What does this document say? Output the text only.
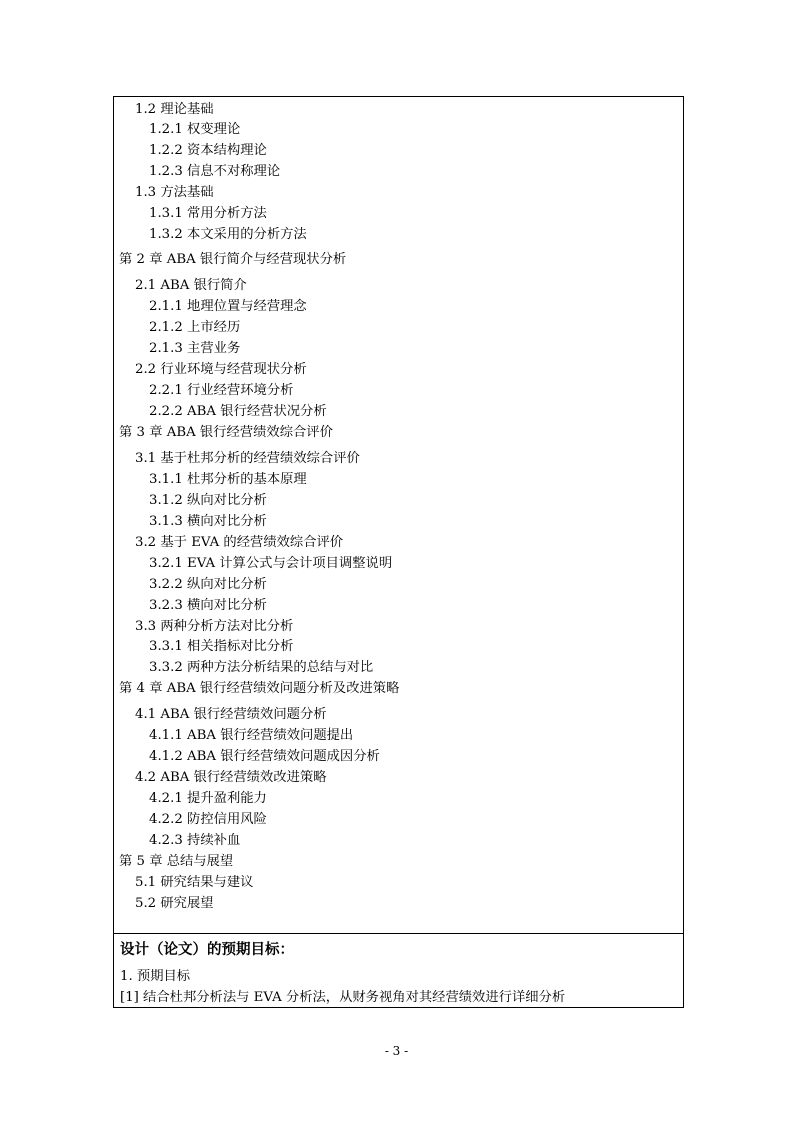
1.2 理论基础
1.2.1 权变理论
1.2.2 资本结构理论
1.2.3 信息不对称理论
1.3 方法基础
1.3.1 常用分析方法
1.3.2 本文采用的分析方法
第 2 章 ABA 银行简介与经营现状分析
2.1 ABA 银行简介
2.1.1 地理位置与经营理念
2.1.2 上市经历
2.1.3 主营业务
2.2 行业环境与经营现状分析
2.2.1 行业经营环境分析
2.2.2 ABA 银行经营状况分析
第 3 章 ABA 银行经营绩效综合评价
3.1 基于杜邦分析的经营绩效综合评价
3.1.1 杜邦分析的基本原理
3.1.2 纵向对比分析
3.1.3 横向对比分析
3.2 基于 EVA 的经营绩效综合评价
3.2.1 EVA 计算公式与会计项目调整说明
3.2.2 纵向对比分析
3.2.3 横向对比分析
3.3 两种分析方法对比分析
3.3.1 相关指标对比分析
3.3.2 两种方法分析结果的总结与对比
第 4 章 ABA 银行经营绩效问题分析及改进策略
4.1 ABA 银行经营绩效问题分析
4.1.1 ABA 银行经营绩效问题提出
4.1.2 ABA 银行经营绩效问题成因分析
4.2 ABA 银行经营绩效改进策略
4.2.1 提升盈利能力
4.2.2 防控信用风险
4.2.3 持续补血
第 5 章 总结与展望
5.1 研究结果与建议
5.2 研究展望
设计（论文）的预期目标：
1. 预期目标
[1] 结合杜邦分析法与 EVA 分析法，从财务视角对其经营绩效进行详细分析
- 3 -
